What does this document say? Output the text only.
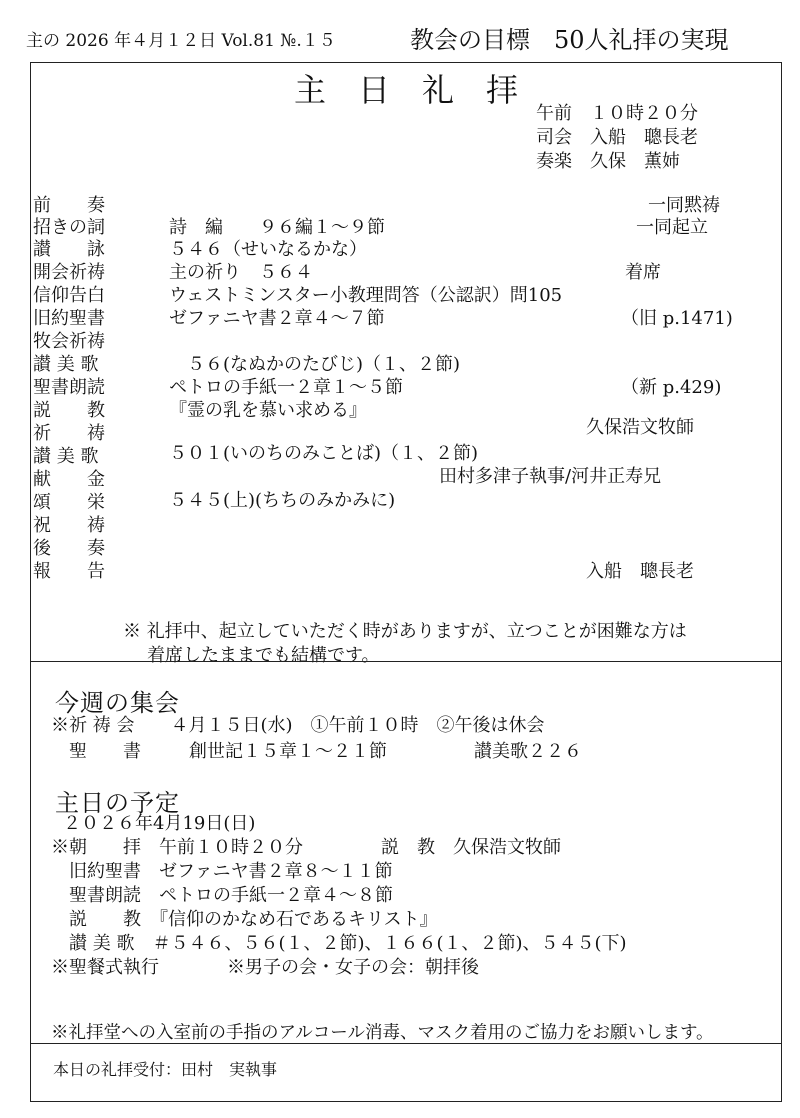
主の 2026 年４月１２日 Vol.81 №.１５	教会の目標　50人礼拝の実現
主　日　礼　拝
午前　１０時２０分
司会　入船　聰長老
奏楽　久保　薫姉
前　　奏	一同黙祷
招きの詞	詩　編　　９６編１～９節	一同起立
讃　　詠	５４６（せいなるかな）
開会祈祷	主の祈り　５６４	着席
信仰告白	ウェストミンスター小教理問答（公認訳）問105
旧約聖書	ゼファニヤ書２章４～７節	（旧 p.1471)
牧会祈祷
讃 美 歌	　５６(なぬかのたびじ)（１、２節)
聖書朗読	ペトロの手紙一２章１～５節	（新 p.429)
説　　教	『霊の乳を慕い求める』
祈　　祷	久保浩文牧師
讃 美 歌	５０１(いのちのみことば)（１、２節)
献　　金	田村多津子執事/河井正寿兄
頌　　栄	５４５(上)(ちちのみかみに)
祝　　祷
後　　奏
報　　告	入船　聰長老
※ 礼拝中、起立していただく時がありますが、立つことが困難な方は
着席したままでも結構です。
今週の集会
※祈 祷 会　　４月１５日(水)　①午前１０時　②午後は休会
聖　　書	創世記１５章１～２１節	讃美歌２２６
主日の予定
２０２６年4月19日(日)
※朝　　拝　午前１０時２０分	説　教　久保浩文牧師
旧約聖書　ゼファニヤ書２章８～１１節
聖書朗読　ペトロの手紙一２章４～８節
説　　教　『信仰のかなめ石であるキリスト』
讃 美 歌　＃５４６、５６(１、２節)、１６６(１、２節)、５４５(下)
※聖餐式執行	※男子の会・女子の会：朝拝後
※礼拝堂への入室前の手指のアルコール消毒、マスク着用のご協力をお願いします。
本日の礼拝受付：田村　実執事
